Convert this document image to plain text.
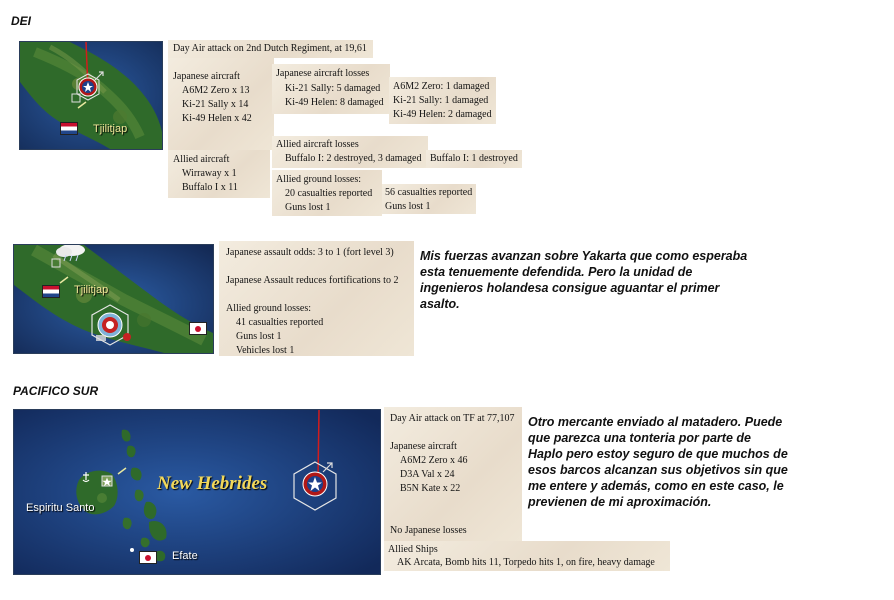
DEI
Tjilitjap
Day Air attack on 2nd Dutch Regiment, at 19,61
Japanese aircraft
A6M2 Zero x 13
Ki-21 Sally x 14
Ki-49 Helen x 42
Allied aircraft
Wirraway x 1
Buffalo I x 11
Japanese aircraft losses
Ki-21 Sally: 5 damaged
Ki-49 Helen: 8 damaged
A6M2 Zero: 1 damaged
Ki-21 Sally: 1 damaged
Ki-49 Helen: 2 damaged
Allied aircraft losses
Buffalo I: 2 destroyed, 3 damaged Buffalo I: 1 destroyed
Allied ground losses:
20 casualties reported
Guns lost 1
56 casualties reported
Guns lost 1
Tjilitjap
Japanese assault odds: 3 to 1 (fort level 3)
Japanese Assault reduces fortifications to 2
Allied ground losses:
41 casualties reported
Guns lost 1
Vehicles lost 1
Mis fuerzas avanzan sobre Yakarta que como esperaba
esta tenuemente defendida. Pero la unidad de
ingenieros holandesa consigue aguantar el primer
asalto.
PACIFICO SUR
New Hebrides
Espiritu Santo
Efate
Day Air attack on TF at 77,107
Japanese aircraft
A6M2 Zero x 46
D3A Val x 24
B5N Kate x 22
No Japanese losses
Allied Ships
AK Arcata, Bomb hits 11, Torpedo hits 1, on fire, heavy damage
Otro mercante enviado al matadero. Puede
que parezca una tonteria por parte de
Haplo pero estoy seguro de que muchos de
esos barcos alcanzan sus objetivos sin que
me entere y además, como en este caso, le
previenen de mi aproximación.
